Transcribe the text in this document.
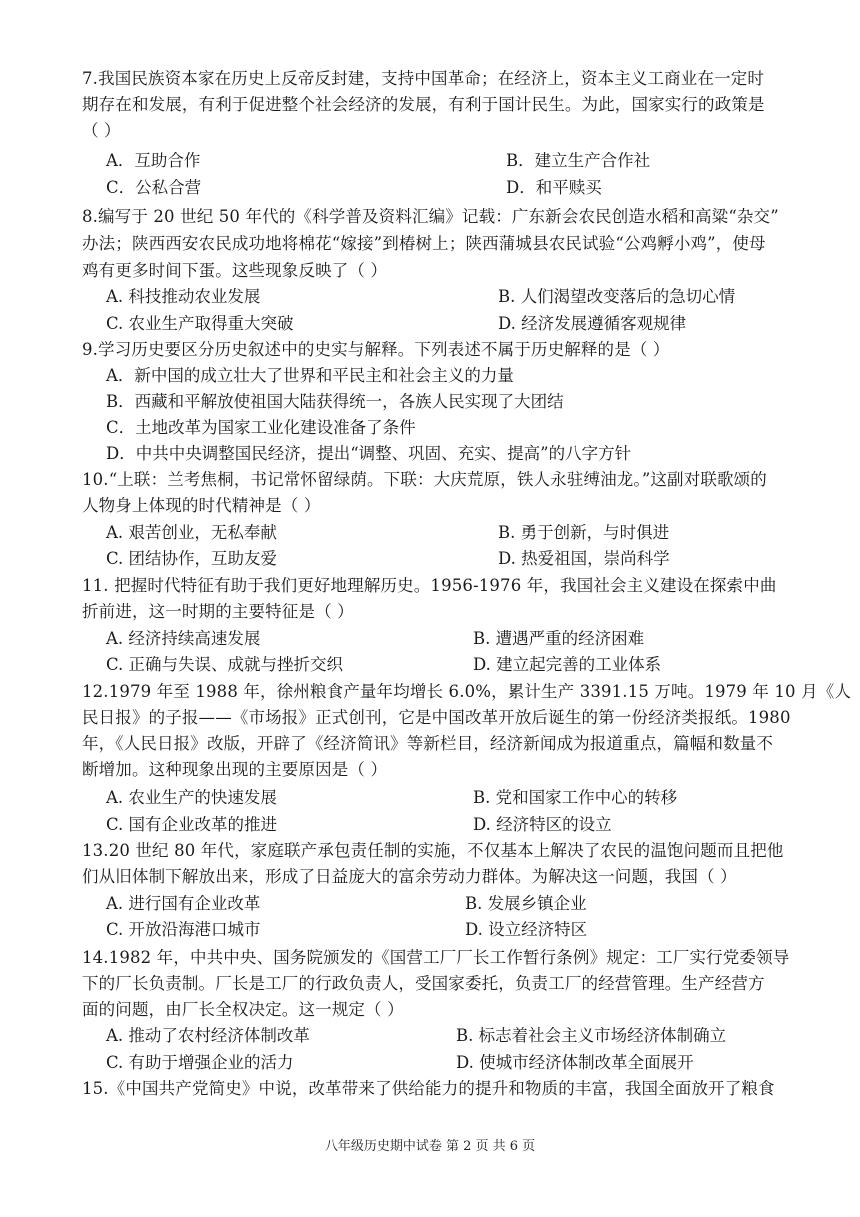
7.我国民族资本家在历史上反帝反封建，支持中国革命；在经济上，资本主义工商业在一定时
期存在和发展，有利于促进整个社会经济的发展，有利于国计民生。为此，国家实行的政策是
（ ）
A．互助合作	B．建立生产合作社
C．公私合营	D．和平赎买
8.编写于 20 世纪 50 年代的《科学普及资料汇编》记载：广东新会农民创造水稻和高粱“杂交”
办法；陕西西安农民成功地将棉花“嫁接”到椿树上；陕西蒲城县农民试验“公鸡孵小鸡”，使母
鸡有更多时间下蛋。这些现象反映了（ ）
A. 科技推动农业发展	B. 人们渴望改变落后的急切心情
C. 农业生产取得重大突破	D. 经济发展遵循客观规律
9.学习历史要区分历史叙述中的史实与解释。下列表述不属于历史解释的是（ ）
A．新中国的成立壮大了世界和平民主和社会主义的力量
B．西藏和平解放使祖国大陆获得统一，各族人民实现了大团结
C．土地改革为国家工业化建设准备了条件
D．中共中央调整国民经济，提出“调整、巩固、充实、提高”的八字方针
10.“上联：兰考焦桐，书记常怀留绿荫。下联：大庆荒原，铁人永驻缚油龙。”这副对联歌颂的
人物身上体现的时代精神是（ ）
A. 艰苦创业，无私奉献	B. 勇于创新，与时俱进
C. 团结协作，互助友爱	D. 热爱祖国，崇尚科学
11. 把握时代特征有助于我们更好地理解历史。1956-1976 年，我国社会主义建设在探索中曲
折前进，这一时期的主要特征是（ ）
A. 经济持续高速发展	B. 遭遇严重的经济困难
C. 正确与失误、成就与挫折交织	D. 建立起完善的工业体系
12.1979 年至 1988 年，徐州粮食产量年均增长 6.0%，累计生产 3391.15 万吨。1979 年 10 月《人
民日报》的子报——《市场报》正式创刊，它是中国改革开放后诞生的第一份经济类报纸。1980
年，《人民日报》改版，开辟了《经济简讯》等新栏目，经济新闻成为报道重点，篇幅和数量不
断增加。这种现象出现的主要原因是（ ）
A. 农业生产的快速发展	B. 党和国家工作中心的转移
C. 国有企业改革的推进	D. 经济特区的设立
13.20 世纪 80 年代，家庭联产承包责任制的实施，不仅基本上解决了农民的温饱问题而且把他
们从旧体制下解放出来，形成了日益庞大的富余劳动力群体。为解决这一问题，我国（ ）
A. 进行国有企业改革	B. 发展乡镇企业
C. 开放沿海港口城市	D. 设立经济特区
14.1982 年，中共中央、国务院颁发的《国营工厂厂长工作暂行条例》规定：工厂实行党委领导
下的厂长负责制。厂长是工厂的行政负责人，受国家委托，负责工厂的经营管理。生产经营方
面的问题，由厂长全权决定。这一规定（ ）
A. 推动了农村经济体制改革	B. 标志着社会主义市场经济体制确立
C. 有助于增强企业的活力	D. 使城市经济体制改革全面展开
15.《中国共产党简史》中说，改革带来了供给能力的提升和物质的丰富，我国全面放开了粮食
八年级历史期中试卷 第 2 页 共 6 页
